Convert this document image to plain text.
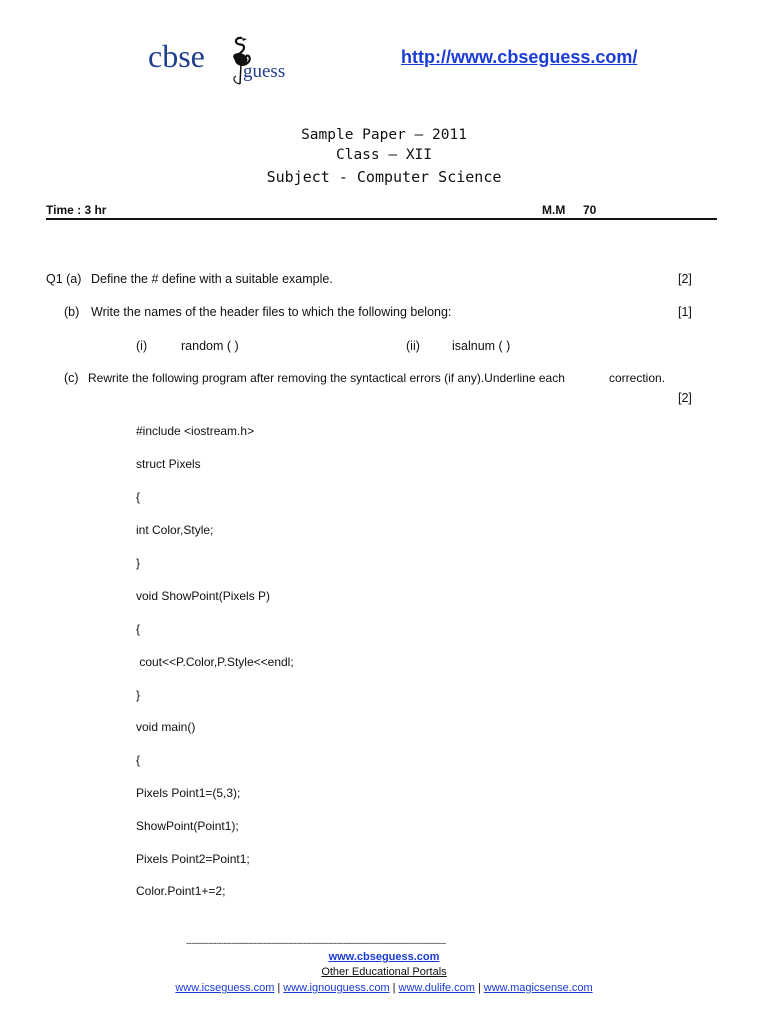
cbse guess
http://www.cbseguess.com/
Sample Paper – 2011
Class – XII
Subject - Computer Science
Time : 3 hr	M.M 70
Q1 (a) Define the # define with a suitable example.	[2]
(b) Write the names of the header files to which the following belong:	[1]
(i)	random ( )	(ii)	isalnum ( )
(c) Rewrite the following program after removing the syntactical errors (if any).Underline each	correction.
[2]
#include <iostream.h>
struct Pixels
{
int Color,Style;
}
void ShowPoint(Pixels P)
{
cout<<P.Color,P.Style<<endl;
}
void main()
{
Pixels Point1=(5,3);
ShowPoint(Point1);
Pixels Point2=Point1;
Color.Point1+=2;
--------------------------------------------------------------------------------------------------------
www.cbseguess.com
Other Educational Portals
www.icseguess.com | www.ignouguess.com | www.dulife.com | www.magicsense.com
